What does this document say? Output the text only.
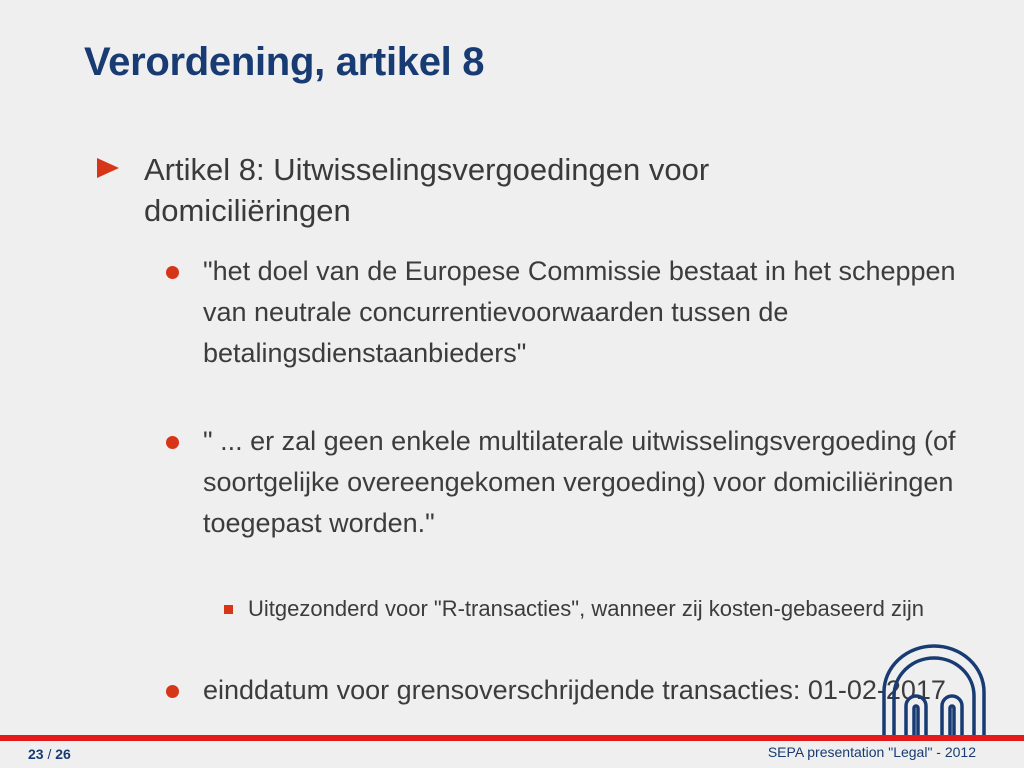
Verordening, artikel 8
Artikel 8: Uitwisselingsvergoedingen voor domiciliëringen
"het doel van de Europese Commissie bestaat in het scheppen van neutrale concurrentievoorwaarden tussen de betalingsdienstaanbieders"
" ... er zal geen enkele multilaterale uitwisselingsvergoeding (of soortgelijke overeengekomen vergoeding) voor domiciliëringen toegepast worden."
Uitgezonderd voor "R-transacties", wanneer zij kosten-gebaseerd zijn
einddatum voor grensoverschrijdende transacties: 01-02-2017
23 / 26	SEPA presentation "Legal" - 2012
